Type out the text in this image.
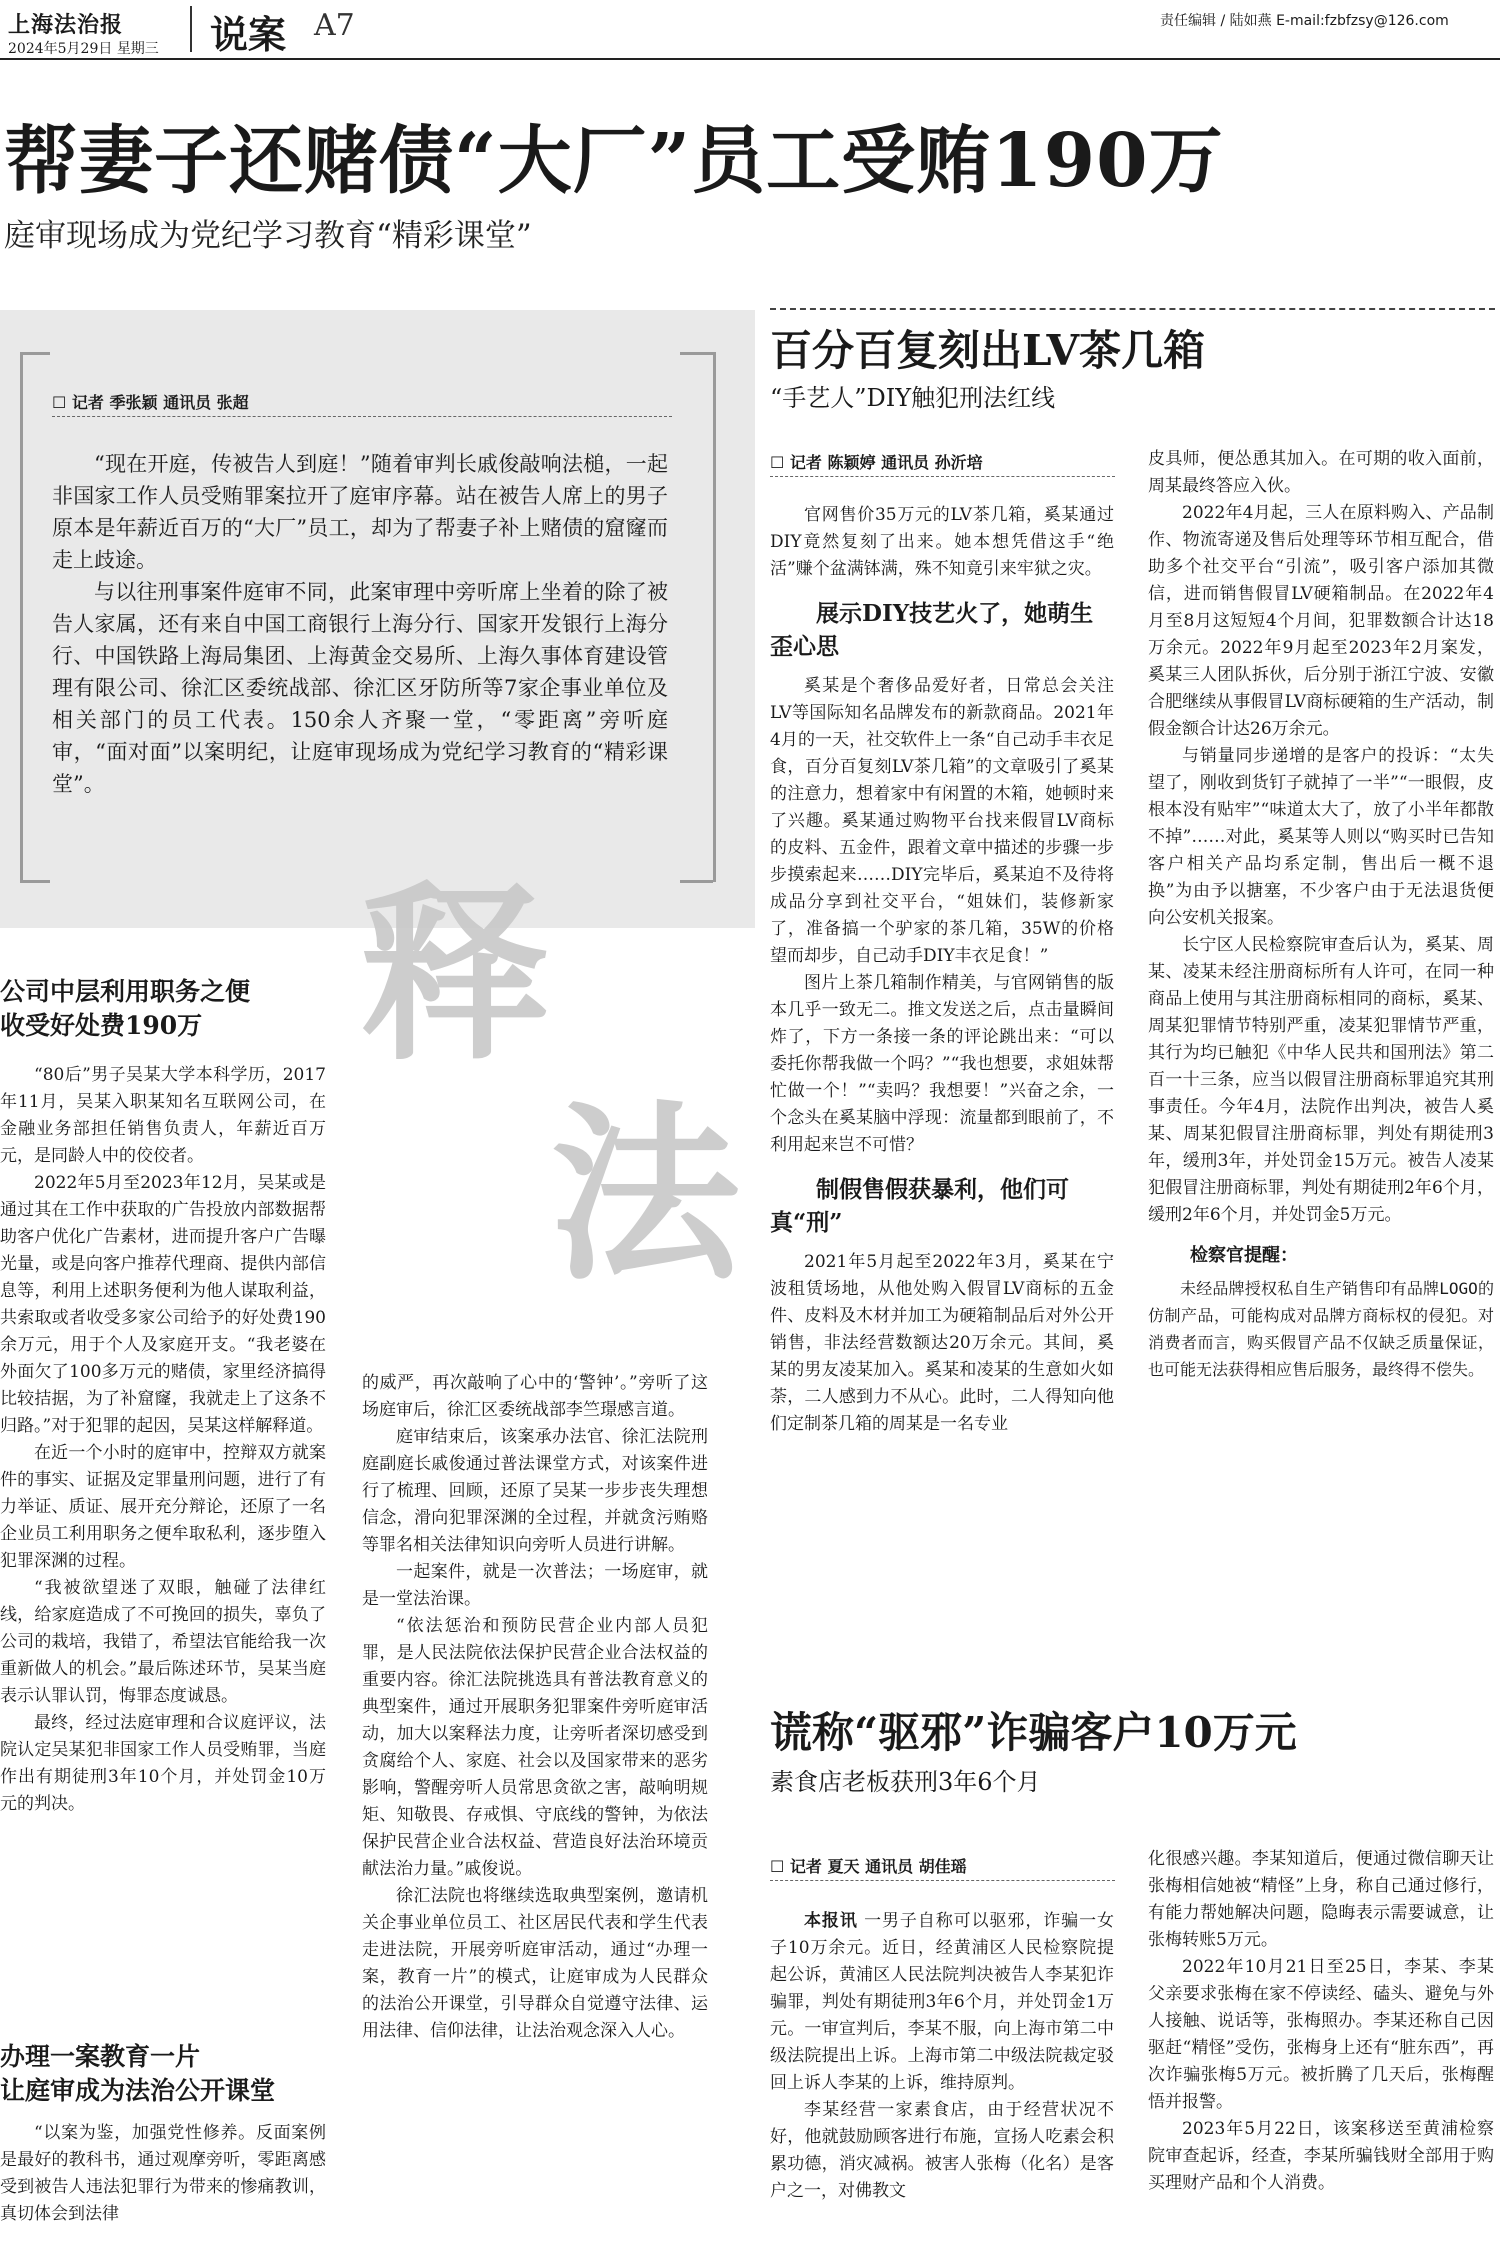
上海法治报
2024年5月29日 星期三 说案 A7	责任编辑 / 陆如燕 E-mail:fzbfzsy@126.com
帮妻子还赌债“大厂”员工受贿190万
庭审现场成为党纪学习教育“精彩课堂”
☐ 记者 季张颖 通讯员 张超

“现在开庭，传被告人到庭！”随着审判长戚俊敲响法槌，一起非国家工作人员受贿罪案拉开了庭审序幕。站在被告人席上的男子原本是年薪近百万的“大厂”员工，却为了帮妻子补上赌债的窟窿而走上歧途。

与以往刑事案件庭审不同，此案审理中旁听席上坐着的除了被告人家属，还有来自中国工商银行上海分行、国家开发银行上海分行、中国铁路上海局集团、上海黄金交易所、上海久事体育建设管理有限公司、徐汇区委统战部、徐汇区牙防所等7家企事业单位及相关部门的员工代表。150余人齐聚一堂，“零距离”旁听庭审，“面对面”以案明纪，让庭审现场成为党纪学习教育的“精彩课堂”。

释
法
公司中层利用职务之便
收受好处费190万

“80后”男子吴某大学本科学历，2017年11月，吴某入职某知名互联网公司，在金融业务部担任销售负责人，年薪近百万元，是同龄人中的佼佼者。

2022年5月至2023年12月，吴某或是通过其在工作中获取的广告投放内部数据帮助客户优化广告素材，进而提升客户广告曝光量，或是向客户推荐代理商、提供内部信息等，利用上述职务便利为他人谋取利益，共索取或者收受多家公司给予的好处费190余万元，用于个人及家庭开支。“我老婆在外面欠了100多万元的赌债，家里经济搞得比较拮据，为了补窟窿，我就走上了这条不归路。”对于犯罪的起因，吴某这样解释道。

在近一个小时的庭审中，控辩双方就案件的事实、证据及定罪量刑问题，进行了有力举证、质证、展开充分辩论，还原了一名企业员工利用职务之便牟取私利，逐步堕入犯罪深渊的过程。

“我被欲望迷了双眼，触碰了法律红线，给家庭造成了不可挽回的损失，辜负了公司的栽培，我错了，希望法官能给我一次重新做人的机会。”最后陈述环节，吴某当庭表示认罪认罚，悔罪态度诚恳。

最终，经过法庭审理和合议庭评议，法院认定吴某犯非国家工作人员受贿罪，当庭作出有期徒刑3年10个月，并处罚金10万元的判决。

办理一案教育一片
让庭审成为法治公开课堂

“以案为鉴，加强党性修养。反面案例是最好的教科书，通过观摩旁听，零距离感受到被告人违法犯罪行为带来的惨痛教训，真切体会到法律

的威严，再次敲响了心中的‘警钟’。”旁听了这场庭审后，徐汇区委统战部李竺璟感言道。

庭审结束后，该案承办法官、徐汇法院刑庭副庭长戚俊通过普法课堂方式，对该案件进行了梳理、回顾，还原了吴某一步步丧失理想信念，滑向犯罪深渊的全过程，并就贪污贿赂等罪名相关法律知识向旁听人员进行讲解。

一起案件，就是一次普法；一场庭审，就是一堂法治课。

“依法惩治和预防民营企业内部人员犯罪，是人民法院依法保护民营企业合法权益的重要内容。徐汇法院挑选具有普法教育意义的典型案件，通过开展职务犯罪案件旁听庭审活动，加大以案释法力度，让旁听者深切感受到贪腐给个人、家庭、社会以及国家带来的恶劣影响，警醒旁听人员常思贪欲之害，敲响明规矩、知敬畏、存戒惧、守底线的警钟，为依法保护民营企业合法权益、营造良好法治环境贡献法治力量。”戚俊说。

徐汇法院也将继续选取典型案例，邀请机关企事业单位员工、社区居民代表和学生代表走进法院，开展旁听庭审活动，通过“办理一案，教育一片”的模式，让庭审成为人民群众的法治公开课堂，引导群众自觉遵守法律、运用法律、信仰法律，让法治观念深入人心。

百分百复刻出LV茶几箱
“手艺人”DIY触犯刑法红线
☐ 记者 陈颖婷 通讯员 孙沂培

官网售价35万元的LV茶几箱，奚某通过DIY竟然复刻了出来。她本想凭借这手“绝活”赚个盆满钵满，殊不知竟引来牢狱之灾。

展示DIY技艺火了，她萌生歪心思

奚某是个奢侈品爱好者，日常总会关注LV等国际知名品牌发布的新款商品。2021年4月的一天，社交软件上一条“自己动手丰衣足食，百分百复刻LV茶几箱”的文章吸引了奚某的注意力，想着家中有闲置的木箱，她顿时来了兴趣。奚某通过购物平台找来假冒LV商标的皮料、五金件，跟着文章中描述的步骤一步步摸索起来……DIY完毕后，奚某迫不及待将成品分享到社交平台，“姐妹们，装修新家了，准备搞一个驴家的茶几箱，35W的价格望而却步，自己动手DIY丰衣足食！”

图片上茶几箱制作精美，与官网销售的版本几乎一致无二。推文发送之后，点击量瞬间炸了，下方一条接一条的评论跳出来：“可以委托你帮我做一个吗？”“我也想要，求姐妹帮忙做一个！”“卖吗？我想要！”兴奋之余，一个念头在奚某脑中浮现：流量都到眼前了，不利用起来岂不可惜？

制假售假获暴利，他们可真“刑”

2021年5月起至2022年3月，奚某在宁波租赁场地，从他处购入假冒LV商标的五金件、皮料及木材并加工为硬箱制品后对外公开销售，非法经营数额达20万余元。其间，奚某的男友凌某加入。奚某和凌某的生意如火如荼，二人感到力不从心。此时，二人得知向他们定制茶几箱的周某是一名专业

皮具师，便怂恿其加入。在可期的收入面前，周某最终答应入伙。

2022年4月起，三人在原料购入、产品制作、物流寄递及售后处理等环节相互配合，借助多个社交平台“引流”，吸引客户添加其微信，进而销售假冒LV硬箱制品。在2022年4月至8月这短短4个月间，犯罪数额合计达18万余元。2022年9月起至2023年2月案发，奚某三人团队拆伙，后分别于浙江宁波、安徽合肥继续从事假冒LV商标硬箱的生产活动，制假金额合计达26万余元。

与销量同步递增的是客户的投诉：“太失望了，刚收到货钉子就掉了一半”“一眼假，皮根本没有贴牢”“味道太大了，放了小半年都散不掉”……对此，奚某等人则以“购买时已告知客户相关产品均系定制，售出后一概不退换”为由予以搪塞，不少客户由于无法退货便向公安机关报案。

长宁区人民检察院审查后认为，奚某、周某、凌某未经注册商标所有人许可，在同一种商品上使用与其注册商标相同的商标，奚某、周某犯罪情节特别严重，凌某犯罪情节严重，其行为均已触犯《中华人民共和国刑法》第二百一十三条，应当以假冒注册商标罪追究其刑事责任。今年4月，法院作出判决，被告人奚某、周某犯假冒注册商标罪，判处有期徒刑3年，缓刑3年，并处罚金15万元。被告人凌某犯假冒注册商标罪，判处有期徒刑2年6个月，缓刑2年6个月，并处罚金5万元。

检察官提醒：

未经品牌授权私自生产销售印有品牌LOGO的仿制产品，可能构成对品牌方商标权的侵犯。对消费者而言，购买假冒产品不仅缺乏质量保证，也可能无法获得相应售后服务，最终得不偿失。

谎称“驱邪”诈骗客户10万元
素食店老板获刑3年6个月
☐ 记者 夏天 通讯员 胡佳瑶

本报讯 一男子自称可以驱邪，诈骗一女子10万余元。近日，经黄浦区人民检察院提起公诉，黄浦区人民法院判决被告人李某犯诈骗罪，判处有期徒刑3年6个月，并处罚金1万元。一审宣判后，李某不服，向上海市第二中级法院提出上诉。上海市第二中级法院裁定驳回上诉人李某的上诉，维持原判。

李某经营一家素食店，由于经营状况不好，他就鼓励顾客进行布施，宣扬人吃素会积累功德，消灾减祸。被害人张梅（化名）是客户之一，对佛教文

化很感兴趣。李某知道后，便通过微信聊天让张梅相信她被“精怪”上身，称自己通过修行，有能力帮她解决问题，隐晦表示需要诚意，让张梅转账5万元。

2022年10月21日至25日，李某、李某父亲要求张梅在家不停读经、磕头、避免与外人接触、说话等，张梅照办。李某还称自己因驱赶“精怪”受伤，张梅身上还有“脏东西”，再次诈骗张梅5万元。被折腾了几天后，张梅醒悟并报警。

2023年5月22日，该案移送至黄浦检察院审查起诉，经查，李某所骗钱财全部用于购买理财产品和个人消费。
